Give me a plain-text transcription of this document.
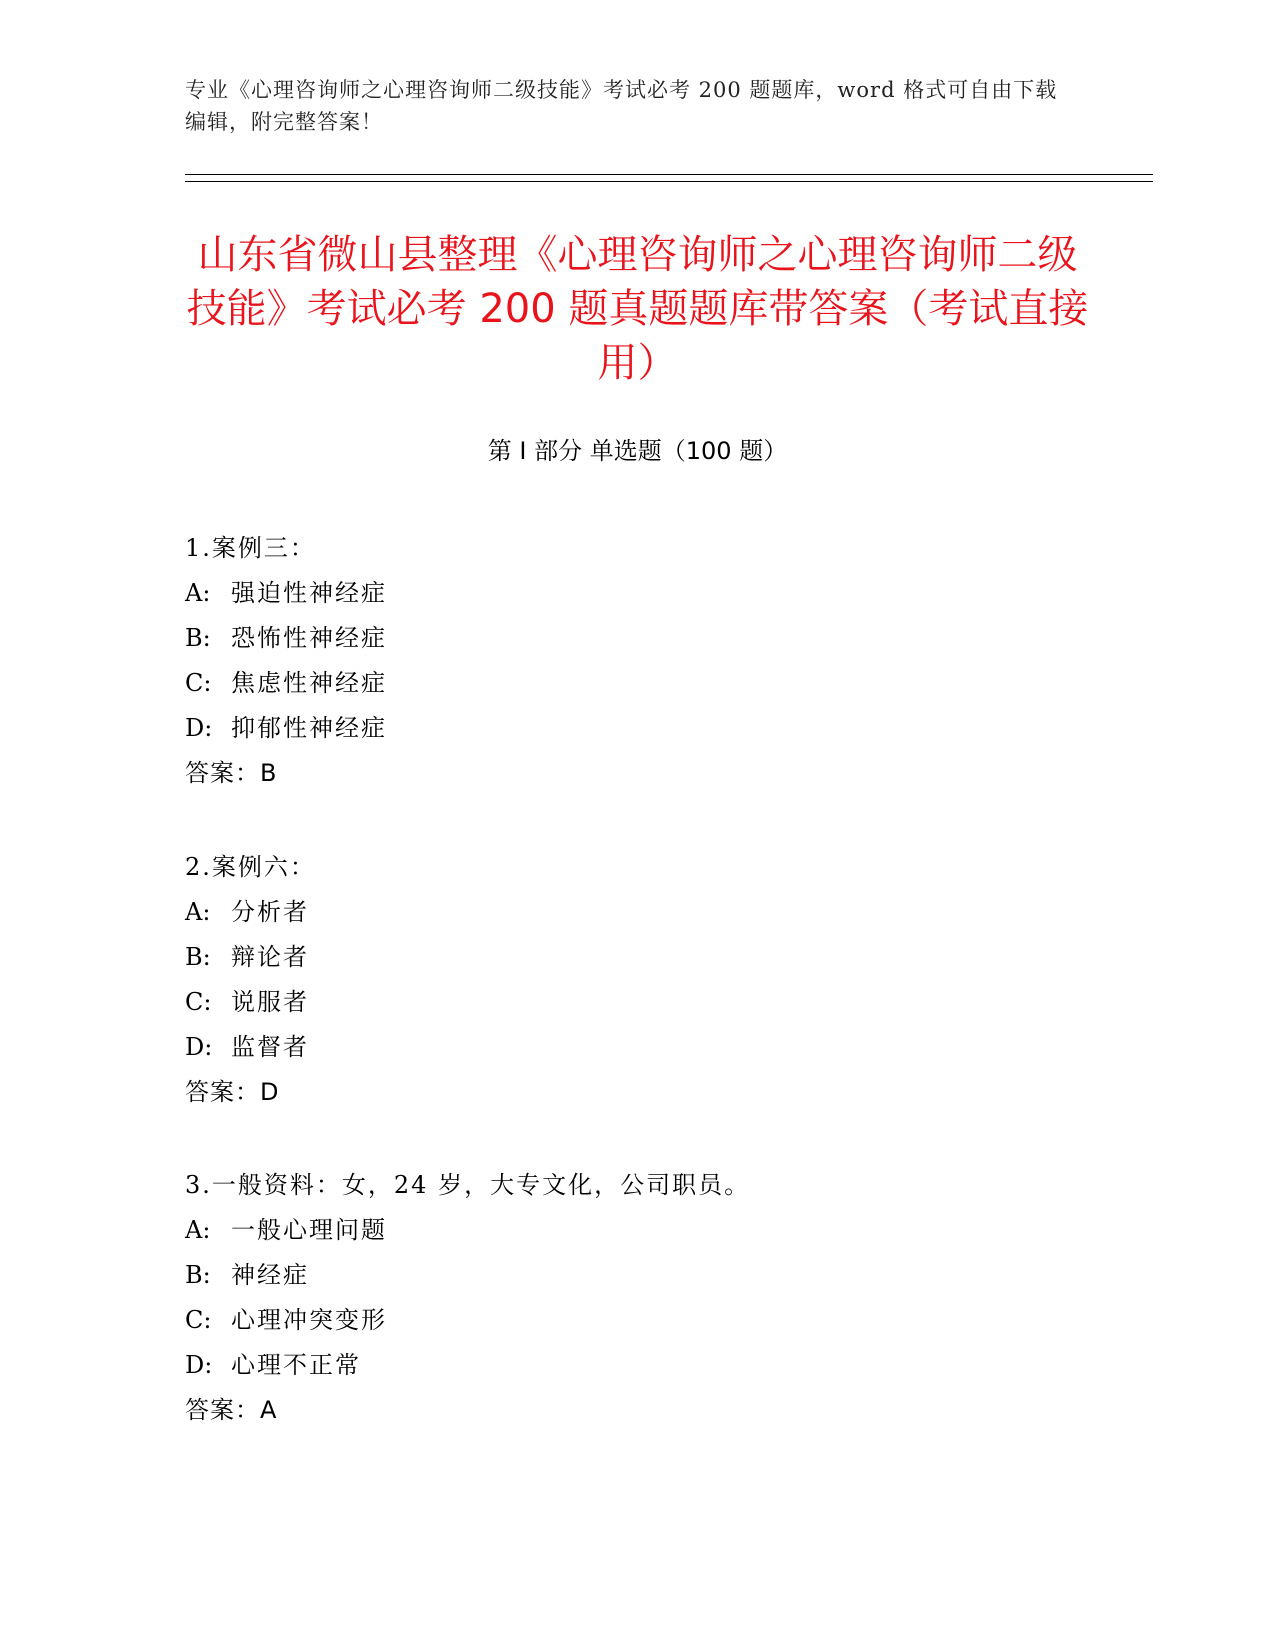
专业《心理咨询师之心理咨询师二级技能》考试必考 200 题题库，word 格式可自由下载编辑，附完整答案！
山东省微山县整理《心理咨询师之心理咨询师二级技能》考试必考 200 题真题题库带答案（考试直接用）
第 I 部分 单选题（100 题）
1.案例三：
A: 强迫性神经症
B: 恐怖性神经症
C: 焦虑性神经症
D: 抑郁性神经症
答案：B
2.案例六：
A: 分析者
B: 辩论者
C: 说服者
D: 监督者
答案：D
3.一般资料：女，24 岁，大专文化，公司职员。
A: 一般心理问题
B: 神经症
C: 心理冲突变形
D: 心理不正常
答案：A
